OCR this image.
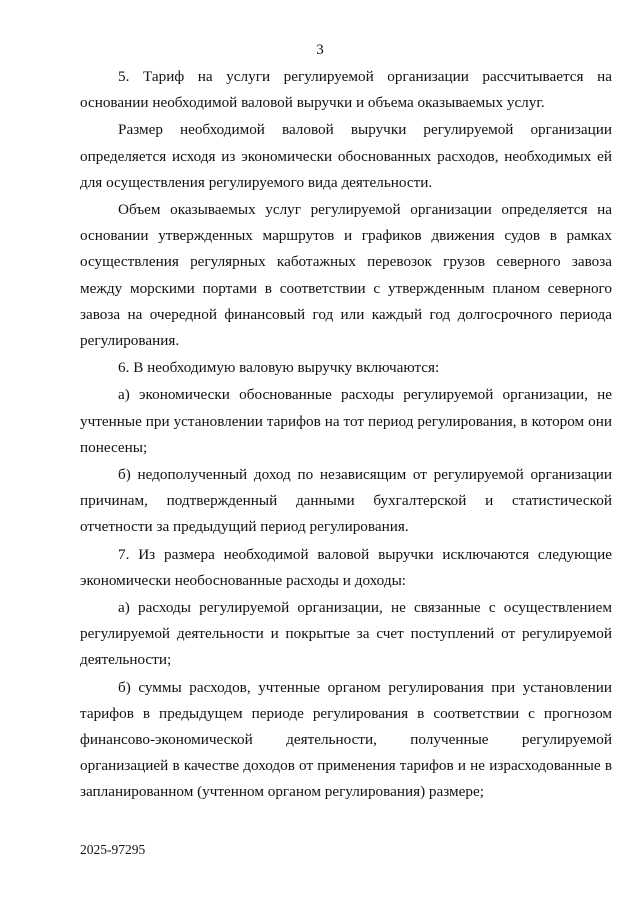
3

5. Тариф на услуги регулируемой организации рассчитывается на основании необходимой валовой выручки и объема оказываемых услуг.

Размер необходимой валовой выручки регулируемой организации определяется исходя из экономически обоснованных расходов, необходимых ей для осуществления регулируемого вида деятельности.

Объем оказываемых услуг регулируемой организации определяется на основании утвержденных маршрутов и графиков движения судов в рамках осуществления регулярных каботажных перевозок грузов северного завоза между морскими портами в соответствии с утвержденным планом северного завоза на очередной финансовый год или каждый год долгосрочного периода регулирования.

6. В необходимую валовую выручку включаются:

а) экономически обоснованные расходы регулируемой организации, не учтенные при установлении тарифов на тот период регулирования, в котором они понесены;

б) недополученный доход по независящим от регулируемой организации причинам, подтвержденный данными бухгалтерской и статистической отчетности за предыдущий период регулирования.

7. Из размера необходимой валовой выручки исключаются следующие экономически необоснованные расходы и доходы:

а) расходы регулируемой организации, не связанные с осуществлением регулируемой деятельности и покрытые за счет поступлений от регулируемой деятельности;

б) суммы расходов, учтенные органом регулирования при установлении тарифов в предыдущем периоде регулирования в соответствии с прогнозом финансово-экономической деятельности, полученные регулируемой организацией в качестве доходов от применения тарифов и не израсходованные в запланированном (учтенном органом регулирования) размере;

2025-97295
